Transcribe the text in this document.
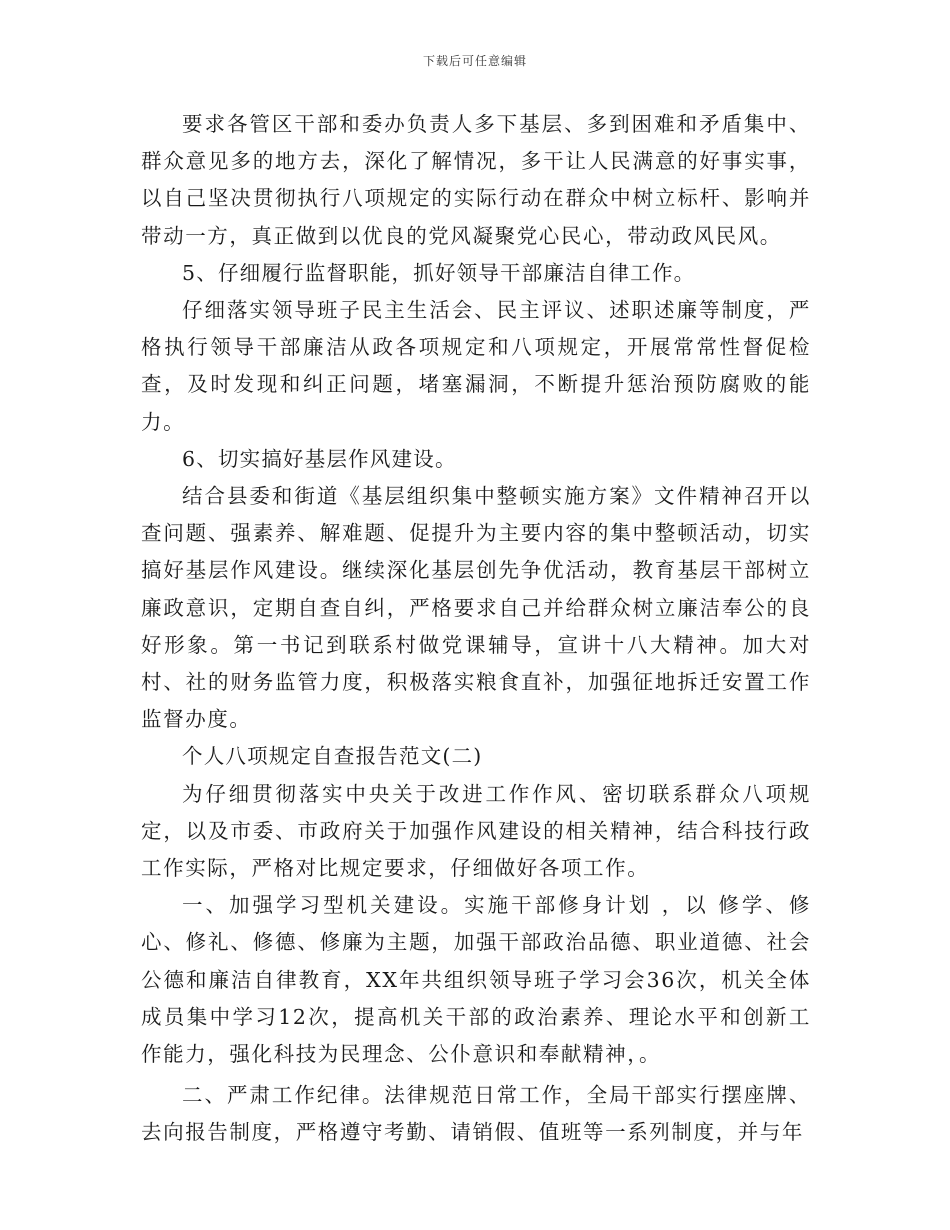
下载后可任意编辑

要求各管区干部和委办负责人多下基层、多到困难和矛盾集中、群众意见多的地方去，深化了解情况，多干让人民满意的好事实事，以自己坚决贯彻执行八项规定的实际行动在群众中树立标杆、影响并带动一方，真正做到以优良的党风凝聚党心民心，带动政风民风。

5、仔细履行监督职能，抓好领导干部廉洁自律工作。

仔细落实领导班子民主生活会、民主评议、述职述廉等制度，严格执行领导干部廉洁从政各项规定和八项规定，开展常常性督促检查，及时发现和纠正问题，堵塞漏洞，不断提升惩治预防腐败的能力。

6、切实搞好基层作风建设。

结合县委和街道《基层组织集中整顿实施方案》文件精神召开以查问题、强素养、解难题、促提升为主要内容的集中整顿活动，切实搞好基层作风建设。继续深化基层创先争优活动，教育基层干部树立廉政意识，定期自查自纠，严格要求自己并给群众树立廉洁奉公的良好形象。第一书记到联系村做党课辅导，宣讲十八大精神。加大对村、社的财务监管力度，积极落实粮食直补，加强征地拆迁安置工作监督办度。

个人八项规定自查报告范文(二)

为仔细贯彻落实中央关于改进工作作风、密切联系群众八项规定，以及市委、市政府关于加强作风建设的相关精神，结合科技行政工作实际，严格对比规定要求，仔细做好各项工作。

一、加强学习型机关建设。实施干部修身计划 ，以 修学、修心、修礼、修德、修廉为主题，加强干部政治品德、职业道德、社会公德和廉洁自律教育，XX年共组织领导班子学习会36次，机关全体成员集中学习12次，提高机关干部的政治素养、理论水平和创新工作能力，强化科技为民理念、公仆意识和奉献精神，。

二、严肃工作纪律。法律规范日常工作，全局干部实行摆座牌、去向报告制度，严格遵守考勤、请销假、值班等一系列制度，并与年
